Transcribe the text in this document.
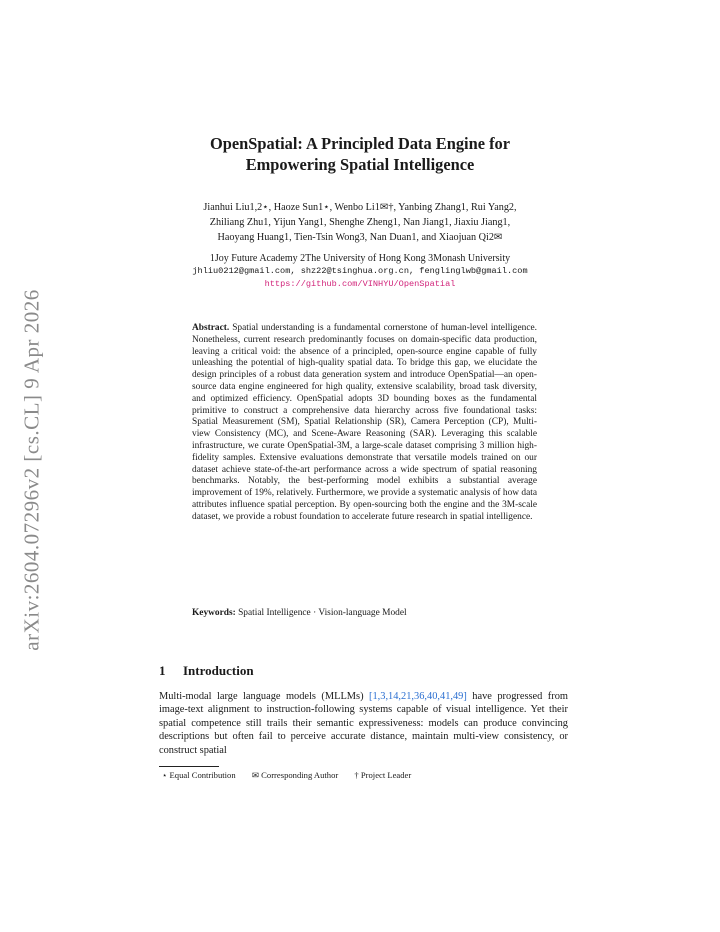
arXiv:2604.07296v2 [cs.CL] 9 Apr 2026
OpenSpatial: A Principled Data Engine for
Empowering Spatial Intelligence
Jianhui Liu1,2⋆, Haoze Sun1⋆, Wenbo Li1✉†, Yanbing Zhang1, Rui Yang2,
Zhiliang Zhu1, Yijun Yang1, Shenghe Zheng1, Nan Jiang1, Jiaxiu Jiang1,
Haoyang Huang1, Tien-Tsin Wong3, Nan Duan1, and Xiaojuan Qi2✉
1Joy Future Academy 2The University of Hong Kong 3Monash University
jhliu0212@gmail.com, shz22@tsinghua.org.cn, fenglinglwb@gmail.com
https://github.com/VINHYU/OpenSpatial
Abstract. Spatial understanding is a fundamental cornerstone of human-level intelligence. Nonetheless, current research predominantly focuses on domain-specific data production, leaving a critical void: the absence of a principled, open-source engine capable of fully unleashing the potential of high-quality spatial data. To bridge this gap, we elucidate the design principles of a robust data generation system and introduce OpenSpatial—an open-source data engine engineered for high quality, extensive scalability, broad task diversity, and optimized efficiency. OpenSpatial adopts 3D bounding boxes as the fundamental primitive to construct a comprehensive data hierarchy across five foundational tasks: Spatial Measurement (SM), Spatial Relationship (SR), Camera Perception (CP), Multi-view Consistency (MC), and Scene-Aware Reasoning (SAR). Leveraging this scalable infrastructure, we curate OpenSpatial-3M, a large-scale dataset comprising 3 million high-fidelity samples. Extensive evaluations demonstrate that versatile models trained on our dataset achieve state-of-the-art performance across a wide spectrum of spatial reasoning benchmarks. Notably, the best-performing model exhibits a substantial average improvement of 19%, relatively. Furthermore, we provide a systematic analysis of how data attributes influence spatial perception. By open-sourcing both the engine and the 3M-scale dataset, we provide a robust foundation to accelerate future research in spatial intelligence.
Keywords: Spatial Intelligence · Vision-language Model
1 Introduction
Multi-modal large language models (MLLMs) [1,3,14,21,36,40,41,49] have progressed from image-text alignment to instruction-following systems capable of visual intelligence. Yet their spatial competence still trails their semantic expressiveness: models can produce convincing descriptions but often fail to perceive accurate distance, maintain multi-view consistency, or construct spatial
⋆ Equal Contribution ✉ Corresponding Author † Project Leader
